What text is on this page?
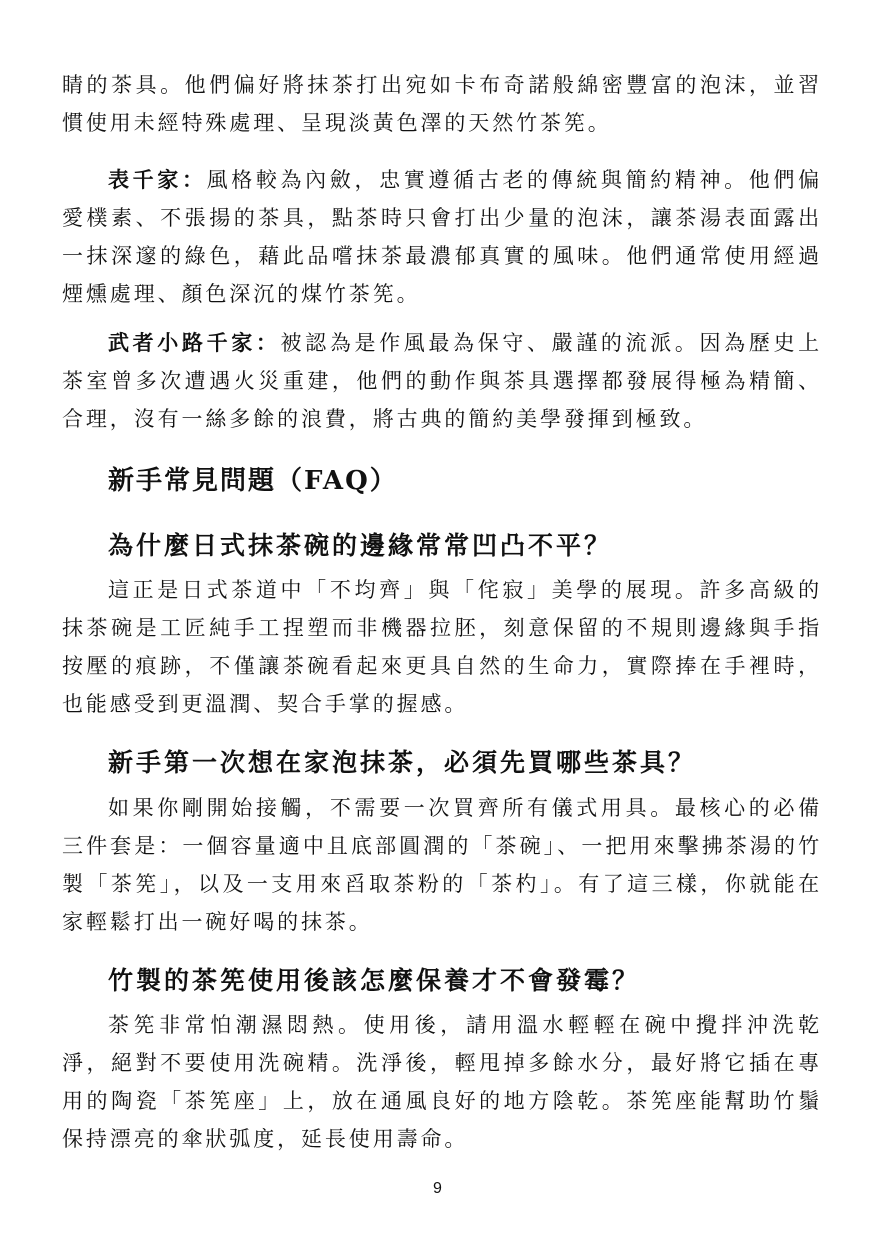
睛的茶具。他們偏好將抹茶打出宛如卡布奇諾般綿密豐富的泡沫，並習慣使用未經特殊處理、呈現淡黃色澤的天然竹茶筅。

表千家：風格較為內斂，忠實遵循古老的傳統與簡約精神。他們偏愛樸素、不張揚的茶具，點茶時只會打出少量的泡沫，讓茶湯表面露出一抹深邃的綠色，藉此品嚐抹茶最濃郁真實的風味。他們通常使用經過煙燻處理、顏色深沉的煤竹茶筅。

武者小路千家：被認為是作風最為保守、嚴謹的流派。因為歷史上茶室曾多次遭遇火災重建，他們的動作與茶具選擇都發展得極為精簡、合理，沒有一絲多餘的浪費，將古典的簡約美學發揮到極致。

新手常見問題（FAQ）
為什麼日式抹茶碗的邊緣常常凹凸不平？

這正是日式茶道中「不均齊」與「侘寂」美學的展現。許多高級的抹茶碗是工匠純手工捏塑而非機器拉胚，刻意保留的不規則邊緣與手指按壓的痕跡，不僅讓茶碗看起來更具自然的生命力，實際捧在手裡時，也能感受到更溫潤、契合手掌的握感。

新手第一次想在家泡抹茶，必須先買哪些茶具？

如果你剛開始接觸，不需要一次買齊所有儀式用具。最核心的必備三件套是：一個容量適中且底部圓潤的「茶碗」、一把用來擊拂茶湯的竹製「茶筅」，以及一支用來舀取茶粉的「茶杓」。有了這三樣，你就能在家輕鬆打出一碗好喝的抹茶。

竹製的茶筅使用後該怎麼保養才不會發霉？

茶筅非常怕潮濕悶熱。使用後，請用溫水輕輕在碗中攪拌沖洗乾淨，絕對不要使用洗碗精。洗淨後，輕甩掉多餘水分，最好將它插在專用的陶瓷「茶筅座」上，放在通風良好的地方陰乾。茶筅座能幫助竹鬚保持漂亮的傘狀弧度，延長使用壽命。

9
